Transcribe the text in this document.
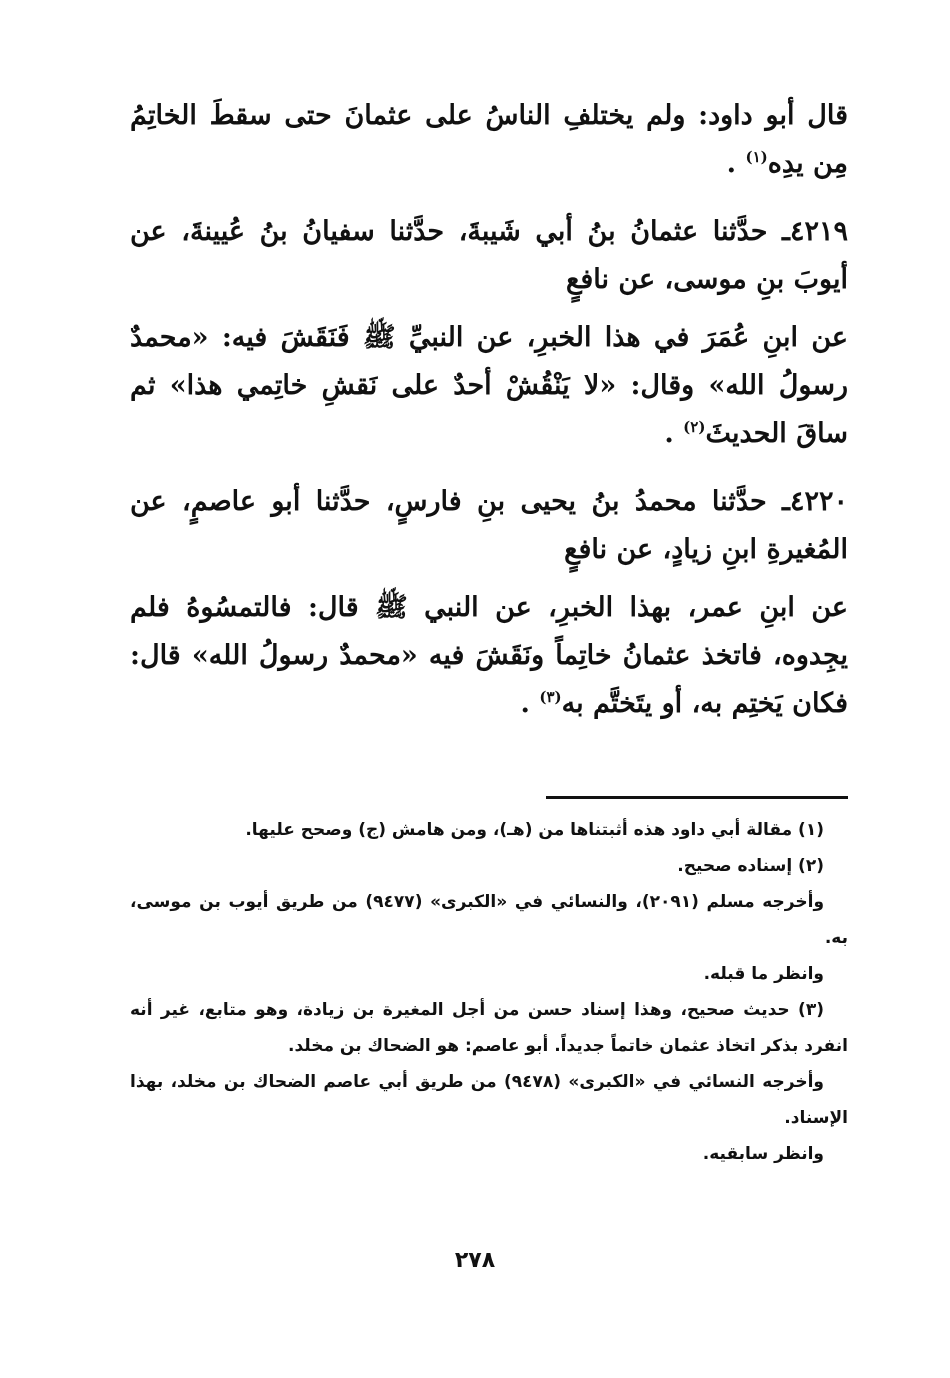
قال أبو داود: ولم يختلفِ الناسُ على عثمانَ حتى سقطَ الخاتِمُ مِن يدِه$^{(١)}$ .

٤٢١٩ـ حدَّثنا عثمانُ بنُ أبي شَيبةَ، حدَّثنا سفيانُ بنُ عُيينةَ، عن أيوبَ بنِ موسى، عن نافعٍ

عن ابنِ عُمَرَ في هذا الخبرِ، عن النبيِّ ﷺ فَنَقَشَ فيه: «محمدٌ رسولُ الله» وقال: «لا يَنْقُشْ أحدٌ على نَقشِ خاتِمي هذا» ثم ساقَ الحديثَ$^{(٢)}$ .

٤٢٢٠ـ حدَّثنا محمدُ بنُ يحيى بنِ فارسٍ، حدَّثنا أبو عاصمٍ، عن المُغيرةِ ابنِ زيادٍ، عن نافعٍ

عن ابنِ عمر، بهذا الخبرِ، عن النبي ﷺ قال: فالتمسُوهُ فلم يجِدوه، فاتخذ عثمانُ خاتِماً ونَقَشَ فيه «محمدٌ رسولُ الله» قال: فكان يَختِم به، أو يتَختَّم به$^{(٣)}$ .

(١) مقالة أبي داود هذه أثبتناها من (هـ)، ومن هامش (ج) وصحح عليها.

(٢) إسناده صحيح.

وأخرجه مسلم (٢٠٩١)، والنسائي في «الكبرى» (٩٤٧٧) من طريق أيوب بن موسى، به.

وانظر ما قبله.

(٣) حديث صحيح، وهذا إسناد حسن من أجل المغيرة بن زيادة، وهو متابع، غير أنه انفرد بذكر اتخاذ عثمان خاتماً جديداً. أبو عاصم: هو الضحاك بن مخلد.

وأخرجه النسائي في «الكبرى» (٩٤٧٨) من طريق أبي عاصم الضحاك بن مخلد، بهذا الإسناد.

وانظر سابقيه.

٢٧٨
